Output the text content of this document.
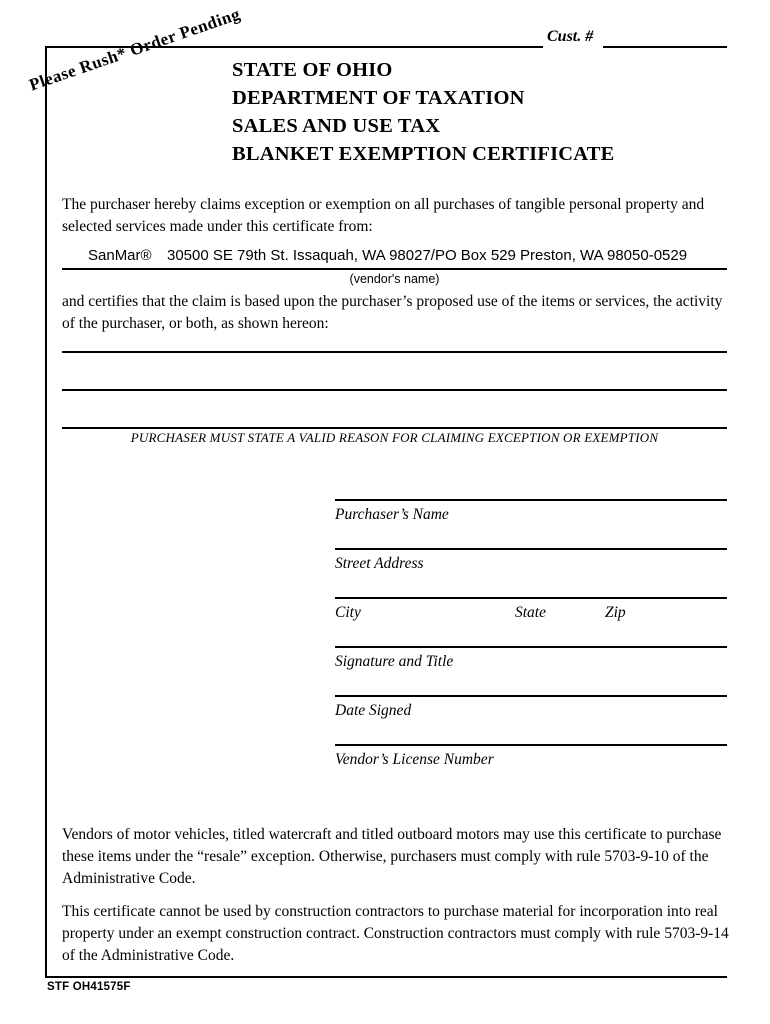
Cust. #
Please Rush* Order Pending
STATE OF OHIO
DEPARTMENT OF TAXATION
SALES AND USE TAX
BLANKET EXEMPTION CERTIFICATE
The purchaser hereby claims exception or exemption on all purchases of tangible personal property and selected services made under this certificate from:
SanMar® 30500 SE 79th St. Issaquah, WA 98027/PO Box 529 Preston, WA 98050-0529
(vendor's name)
and certifies that the claim is based upon the purchaser’s proposed use of the items or services, the activity of the purchaser, or both, as shown hereon:
PURCHASER MUST STATE A VALID REASON FOR CLAIMING EXCEPTION OR EXEMPTION
Purchaser’s Name
Street Address
City	State	Zip
Signature and Title
Date Signed
Vendor’s License Number
Vendors of motor vehicles, titled watercraft and titled outboard motors may use this certificate to purchase these items under the “resale” exception. Otherwise, purchasers must comply with rule 5703-9-10 of the Administrative Code.
This certificate cannot be used by construction contractors to purchase material for incorporation into real property under an exempt construction contract. Construction contractors must comply with rule 5703-9-14 of the Administrative Code.
STF OH41575F
